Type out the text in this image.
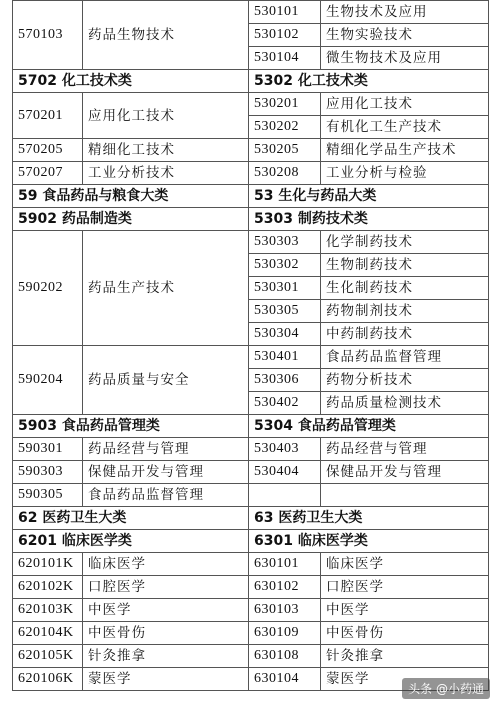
570103	药品生物技术	530101	生物技术及应用
		530102	生物实验技术
		530104	微生物技术及应用
5702 化工技术类		5302 化工技术类	
570201	应用化工技术	530201	应用化工技术
		530202	有机化工生产技术
570205	精细化工技术	530205	精细化学品生产技术
570207	工业分析技术	530208	工业分析与检验
59 食品药品与粮食大类		53 生化与药品大类	
5902 药品制造类		5303 制药技术类	
590202	药品生产技术	530303	化学制药技术
		530302	生物制药技术
		530301	生化制药技术
		530305	药物制剂技术
		530304	中药制药技术
590204	药品质量与安全	530401	食品药品监督管理
		530306	药物分析技术
		530402	药品质量检测技术
5903 食品药品管理类		5304 食品药品管理类	
590301	药品经营与管理	530403	药品经营与管理
590303	保健品开发与管理	530404	保健品开发与管理
590305	食品药品监督管理		
62 医药卫生大类		63 医药卫生大类	
6201 临床医学类		6301 临床医学类	
620101K	临床医学	630101	临床医学
620102K	口腔医学	630102	口腔医学
620103K	中医学	630103	中医学
620104K	中医骨伤	630109	中医骨伤
620105K	针灸推拿	630108	针灸推拿
620106K	蒙医学	630104	蒙医学
头条 @小药通
